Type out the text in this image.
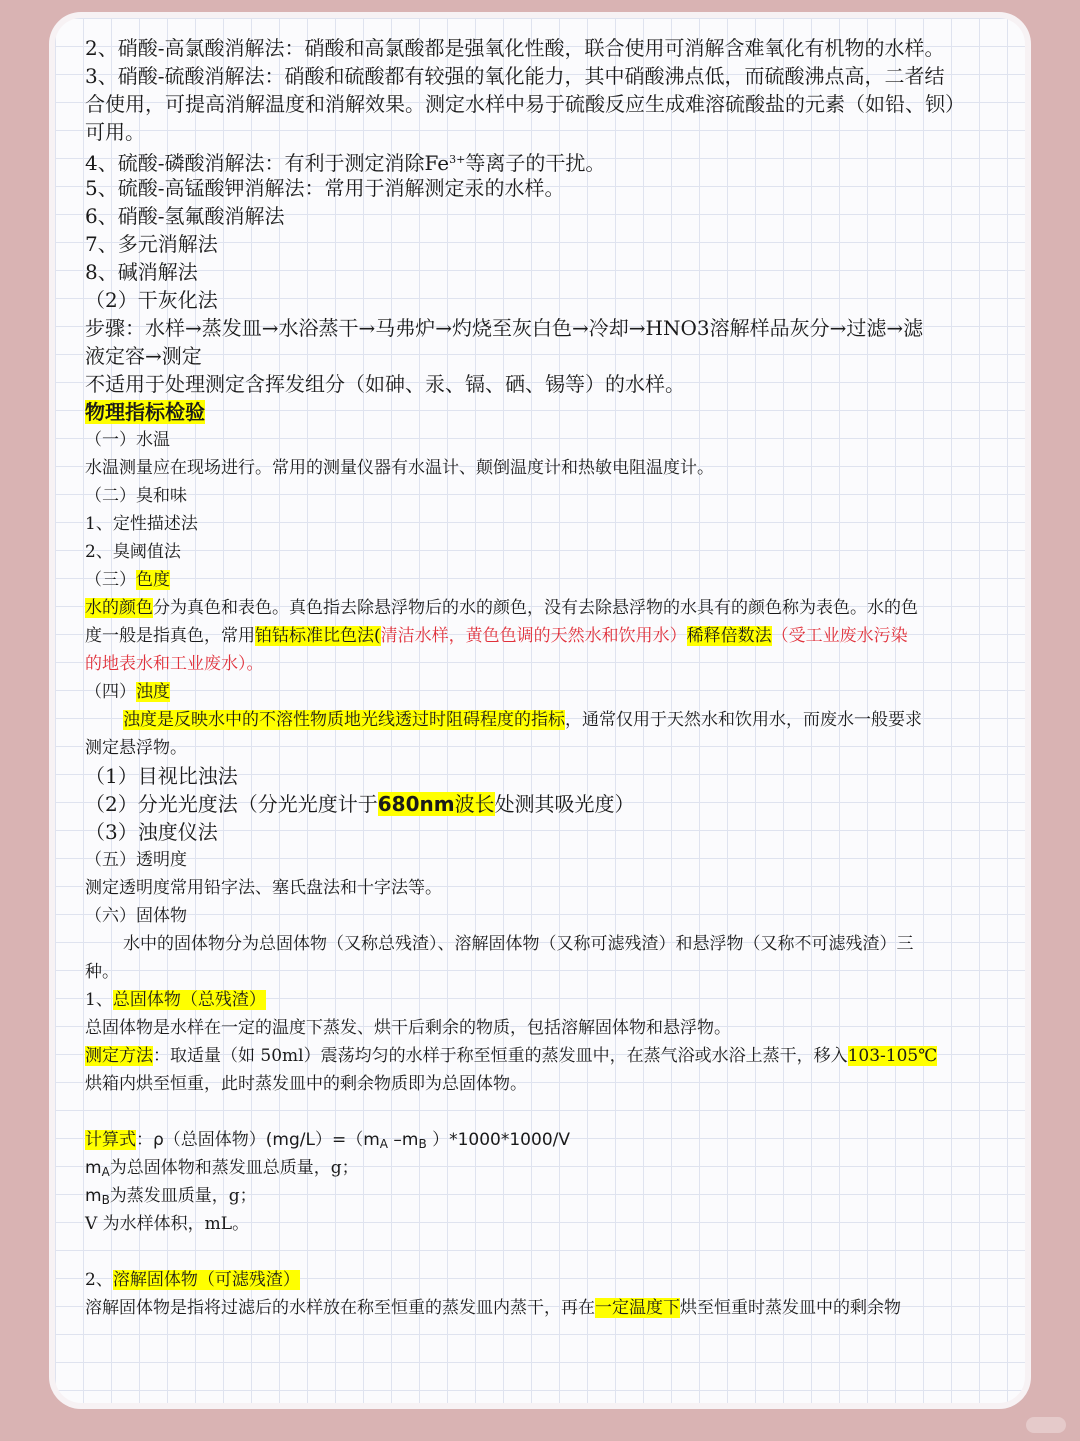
2、硝酸-高氯酸消解法：硝酸和高氯酸都是强氧化性酸，联合使用可消解含难氧化有机物的水样。
3、硝酸-硫酸消解法：硝酸和硫酸都有较强的氧化能力，其中硝酸沸点低，而硫酸沸点高，二者结
合使用，可提高消解温度和消解效果。测定水样中易于硫酸反应生成难溶硫酸盐的元素（如铅、钡）
可用。
4、硫酸-磷酸消解法：有利于测定消除$Fe^{3+}$等离子的干扰。
5、硫酸-高锰酸钾消解法：常用于消解测定汞的水样。
6、硝酸-氢氟酸消解法
7、多元消解法
8、碱消解法
（2）干灰化法
步骤：水样→蒸发皿→水浴蒸干→马弗炉→灼烧至灰白色→冷却→HNO3溶解样品灰分→过滤→滤
液定容→测定
不适用于处理测定含挥发组分（如砷、汞、镉、硒、锡等）的水样。
物理指标检验
（一）水温
水温测量应在现场进行。常用的测量仪器有水温计、颠倒温度计和热敏电阻温度计。
（二）臭和味
1、定性描述法
2、臭阈值法
（三）色度
水的颜色分为真色和表色。真色指去除悬浮物后的水的颜色，没有去除悬浮物的水具有的颜色称为表色。水的色
度一般是指真色，常用铂钴标准比色法(清洁水样，黄色色调的天然水和饮用水）稀释倍数法（受工业废水污染
的地表水和工业废水）。
（四）浊度
浊度是反映水中的不溶性物质地光线透过时阻碍程度的指标，通常仅用于天然水和饮用水，而废水一般要求
测定悬浮物。
（1）目视比浊法
（2）分光光度法（分光光度计于680nm波长处测其吸光度）
（3）浊度仪法
（五）透明度
测定透明度常用铅字法、塞氏盘法和十字法等。
（六）固体物
水中的固体物分为总固体物（又称总残渣）、溶解固体物（又称可滤残渣）和悬浮物（又称不可滤残渣）三
种。
1、总固体物（总残渣）
总固体物是水样在一定的温度下蒸发、烘干后剩余的物质，包括溶解固体物和悬浮物。
测定方法：取适量（如 50ml）震荡均匀的水样于称至恒重的蒸发皿中，在蒸气浴或水浴上蒸干，移入103-105℃
烘箱内烘至恒重，此时蒸发皿中的剩余物质即为总固体物。
计算式：ρ（总固体物）$(mg/L)=(m_A$ $-m_B$ ）*1000*1000/V
$m_A$为总固体物和蒸发皿总质量，g；
$m_B$为蒸发皿质量，g；
V 为水样体积，mL。
2、溶解固体物（可滤残渣）
溶解固体物是指将过滤后的水样放在称至恒重的蒸发皿内蒸干，再在一定温度下烘至恒重时蒸发皿中的剩余物
